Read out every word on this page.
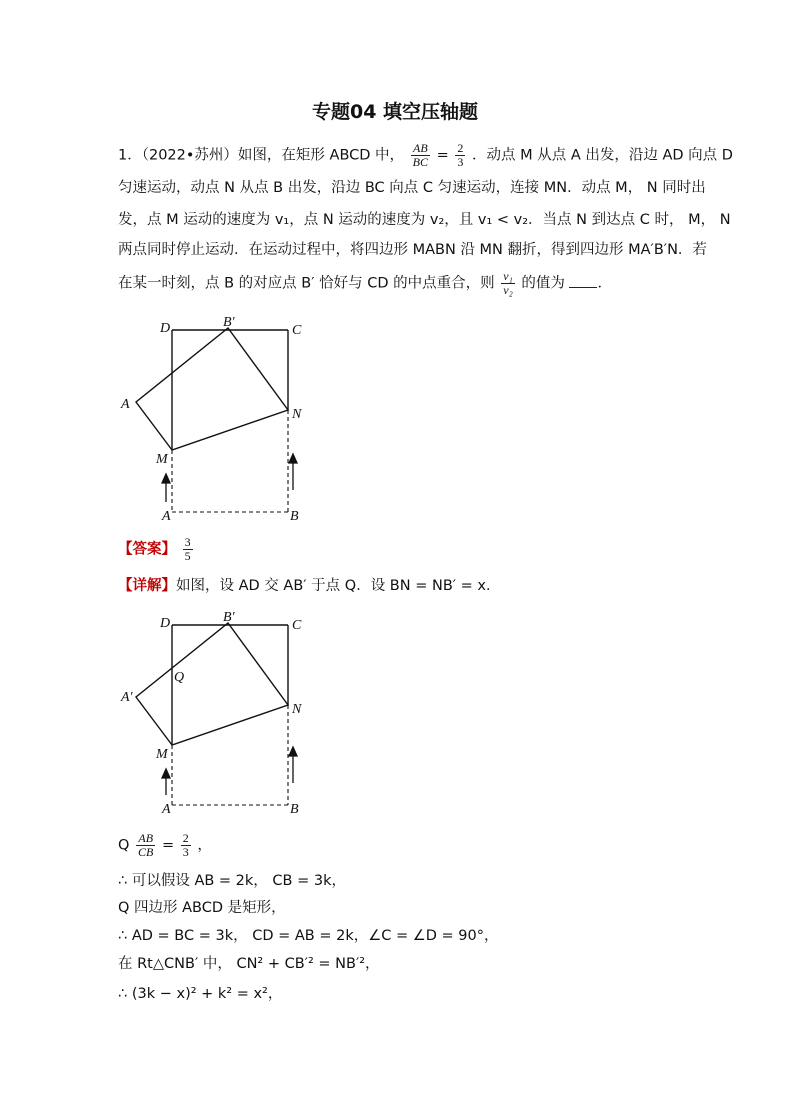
专题04 填空压轴题
1．（2022•苏州）如图，在矩形 ABCD 中， $\frac{AB}{BC} = \frac{2}{3}$ ．动点 M 从点 A 出发，沿边 AD 向点 D
匀速运动，动点 N 从点 B 出发，沿边 BC 向点 C 匀速运动，连接 MN．动点 M， N 同时出
发，点 M 运动的速度为 v₁，点 N 运动的速度为 v₂，且 v₁ < v₂．当点 N 到达点 C 时， M， N
两点同时停止运动．在运动过程中，将四边形 MABN 沿 MN 翻折，得到四边形 MA′B′N．若
在某一时刻，点 B 的对应点 B′ 恰好与 CD 的中点重合，则 $\frac{\text{v₁}}{\text{v₂}}$ 的值为 ．
D	B′
C
A
N
M
A	B
【答案】 $\frac{3}{5}$
【详解】如图，设 AD 交 AB′ 于点 Q．设 BN = NB′ = x．
D	B′
C
A′
Q
N
M
A	B
Q $\frac{AB}{CB} = \frac{2}{3}$ ，
∴ 可以假设 AB = 2k， CB = 3k，
Q 四边形 ABCD 是矩形，
∴ AD = BC = 3k， CD = AB = 2k，∠C = ∠D = 90°，
在 Rt△CNB′ 中， CN² + CB′² = NB′²，
∴ (3k − x)² + k² = x²，
